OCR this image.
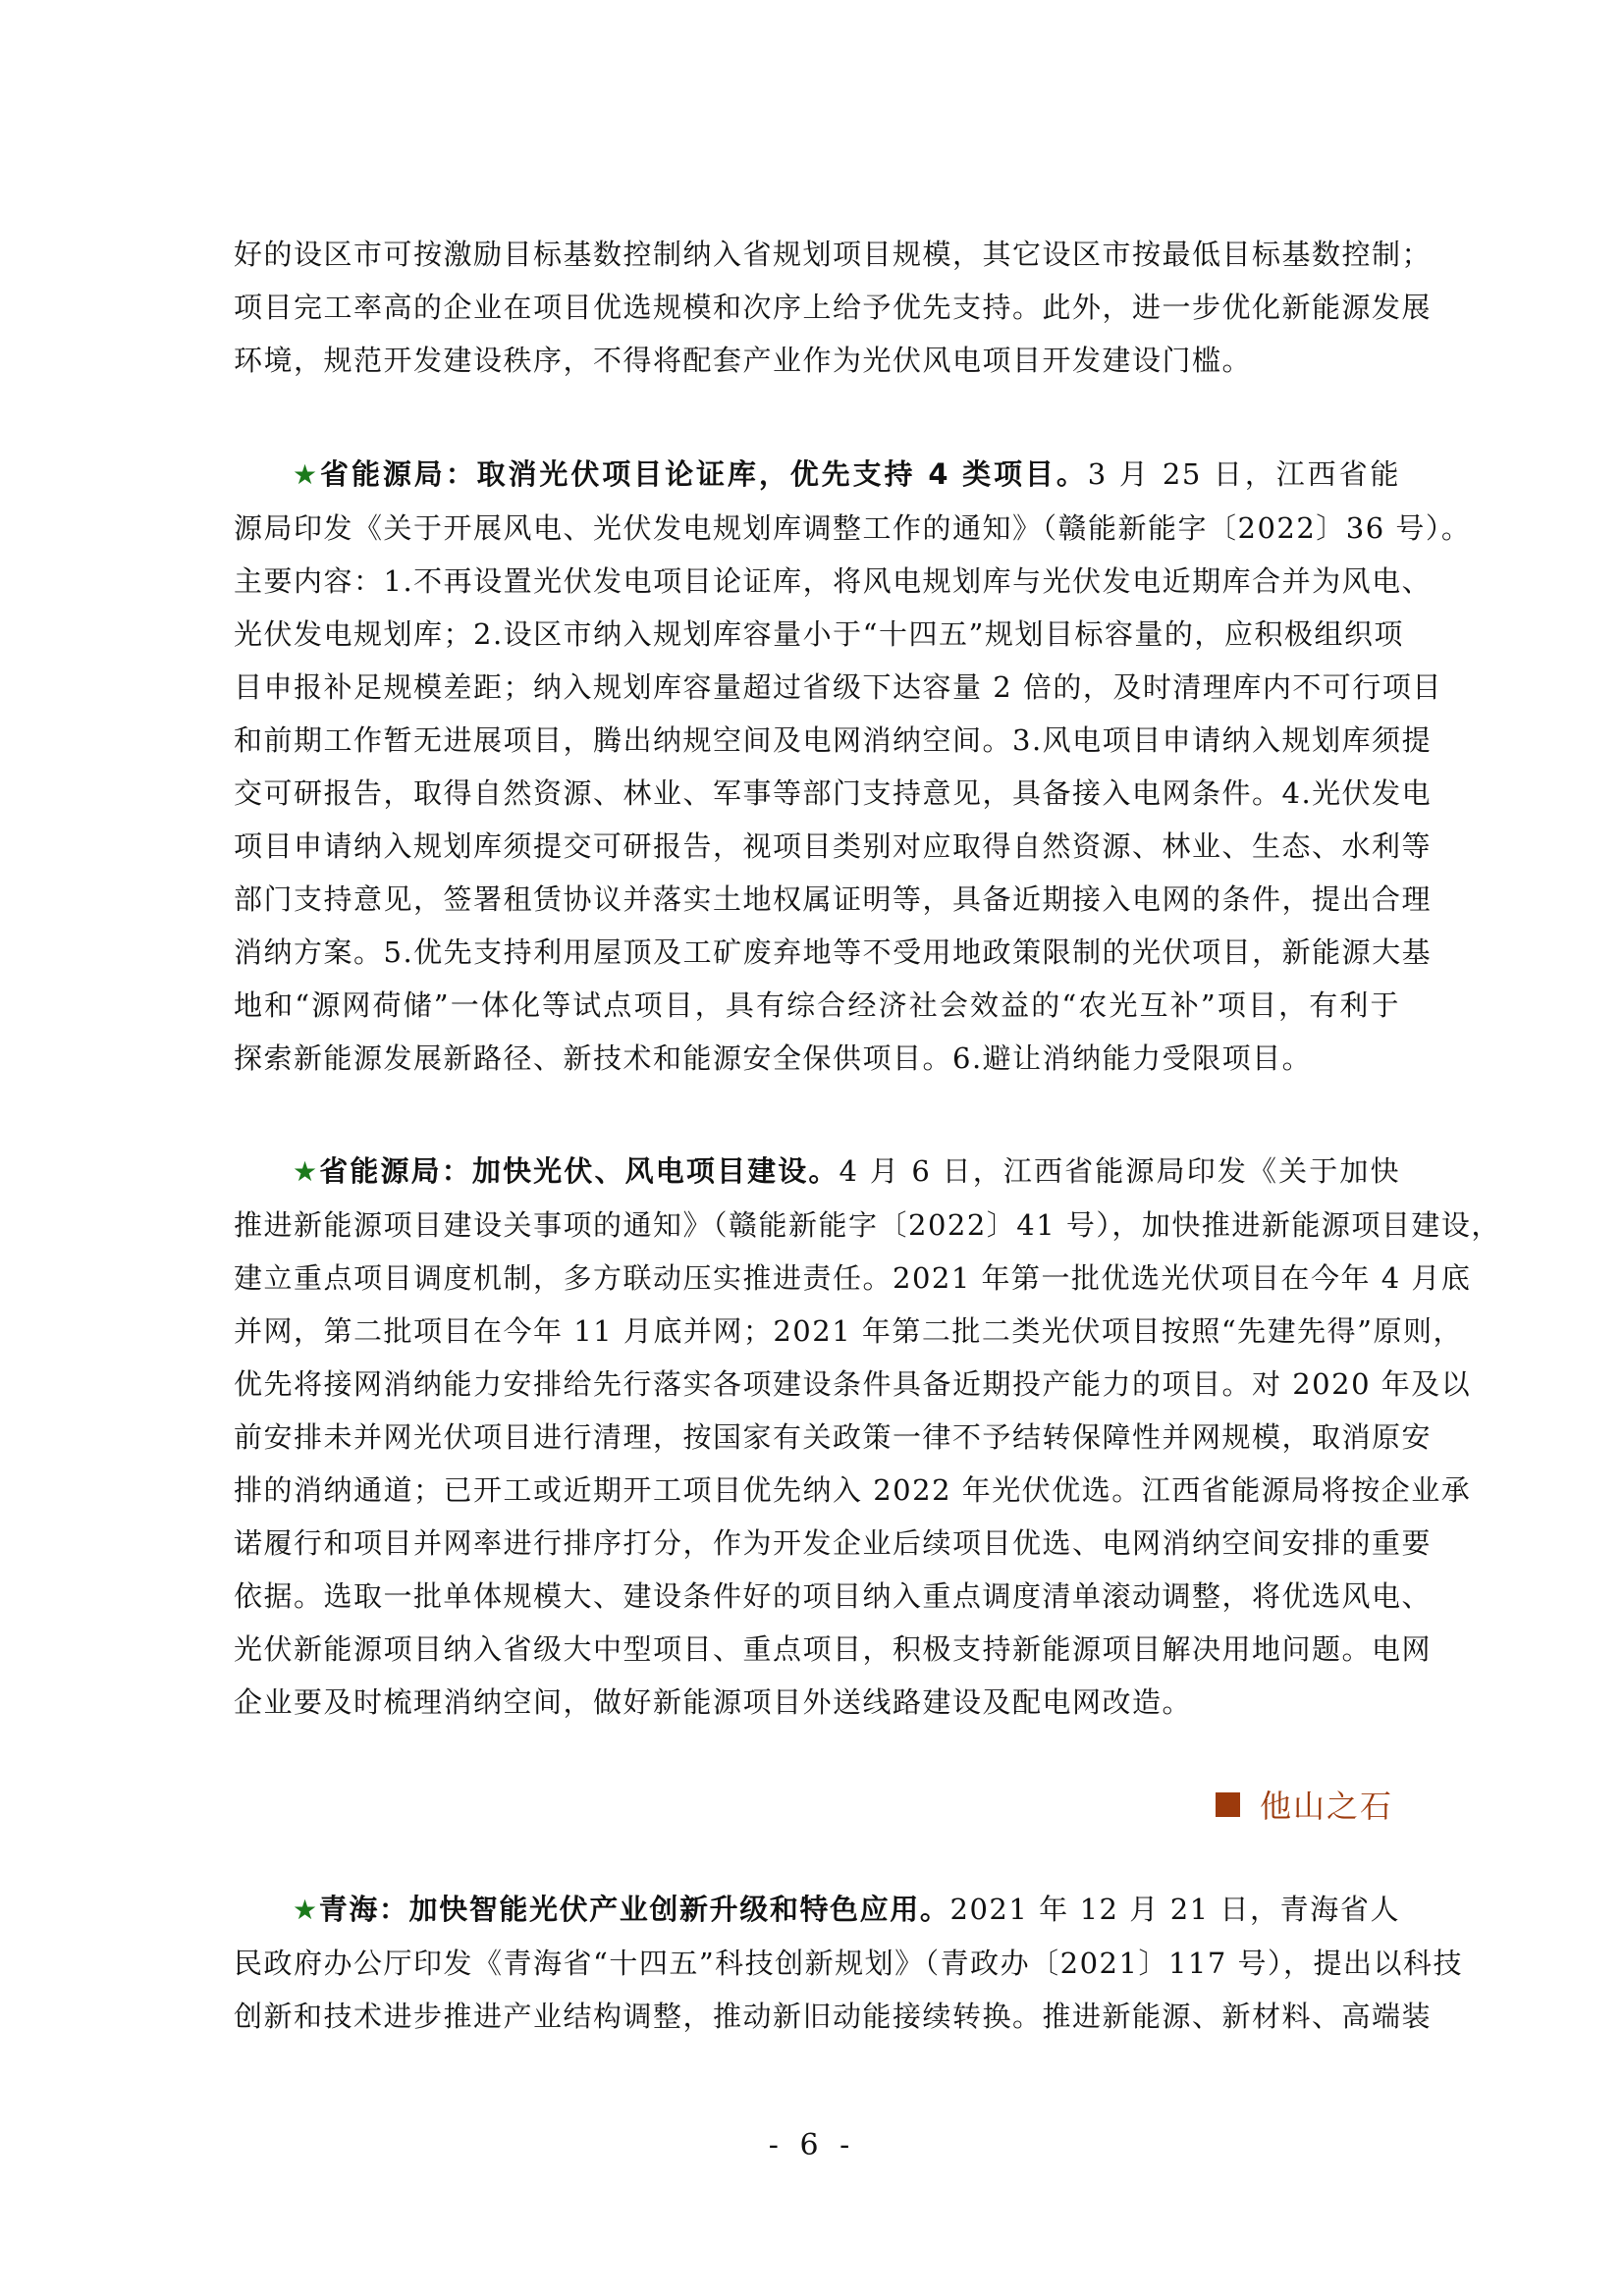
好的设区市可按激励目标基数控制纳入省规划项目规模，其它设区市按最低目标基数控制；
项目完工率高的企业在项目优选规模和次序上给予优先支持。此外，进一步优化新能源发展
环境，规范开发建设秩序，不得将配套产业作为光伏风电项目开发建设门槛。
★省能源局：取消光伏项目论证库，优先支持 4 类项目。3 月 25 日，江西省能
源局印发《关于开展风电、光伏发电规划库调整工作的通知》（赣能新能字〔2022〕36 号）。
主要内容：1.不再设置光伏发电项目论证库，将风电规划库与光伏发电近期库合并为风电、
光伏发电规划库；2.设区市纳入规划库容量小于“十四五”规划目标容量的，应积极组织项
目申报补足规模差距；纳入规划库容量超过省级下达容量 2 倍的，及时清理库内不可行项目
和前期工作暂无进展项目，腾出纳规空间及电网消纳空间。3.风电项目申请纳入规划库须提
交可研报告，取得自然资源、林业、军事等部门支持意见，具备接入电网条件。4.光伏发电
项目申请纳入规划库须提交可研报告，视项目类别对应取得自然资源、林业、生态、水利等
部门支持意见，签署租赁协议并落实土地权属证明等，具备近期接入电网的条件，提出合理
消纳方案。5.优先支持利用屋顶及工矿废弃地等不受用地政策限制的光伏项目，新能源大基
地和“源网荷储”一体化等试点项目，具有综合经济社会效益的“农光互补”项目，有利于
探索新能源发展新路径、新技术和能源安全保供项目。6.避让消纳能力受限项目。
★省能源局：加快光伏、风电项目建设。4 月 6 日，江西省能源局印发《关于加快
推进新能源项目建设关事项的通知》（赣能新能字〔2022〕41 号），加快推进新能源项目建设，
建立重点项目调度机制，多方联动压实推进责任。2021 年第一批优选光伏项目在今年 4 月底
并网，第二批项目在今年 11 月底并网；2021 年第二批二类光伏项目按照“先建先得”原则，
优先将接网消纳能力安排给先行落实各项建设条件具备近期投产能力的项目。对 2020 年及以
前安排未并网光伏项目进行清理，按国家有关政策一律不予结转保障性并网规模，取消原安
排的消纳通道；已开工或近期开工项目优先纳入 2022 年光伏优选。江西省能源局将按企业承
诺履行和项目并网率进行排序打分，作为开发企业后续项目优选、电网消纳空间安排的重要
依据。选取一批单体规模大、建设条件好的项目纳入重点调度清单滚动调整，将优选风电、
光伏新能源项目纳入省级大中型项目、重点项目，积极支持新能源项目解决用地问题。电网
企业要及时梳理消纳空间，做好新能源项目外送线路建设及配电网改造。
他山之石
★青海：加快智能光伏产业创新升级和特色应用。2021 年 12 月 21 日，青海省人
民政府办公厅印发《青海省“十四五”科技创新规划》（青政办〔2021〕117 号），提出以科技
创新和技术进步推进产业结构调整，推动新旧动能接续转换。推进新能源、新材料、高端装
- 6 -
